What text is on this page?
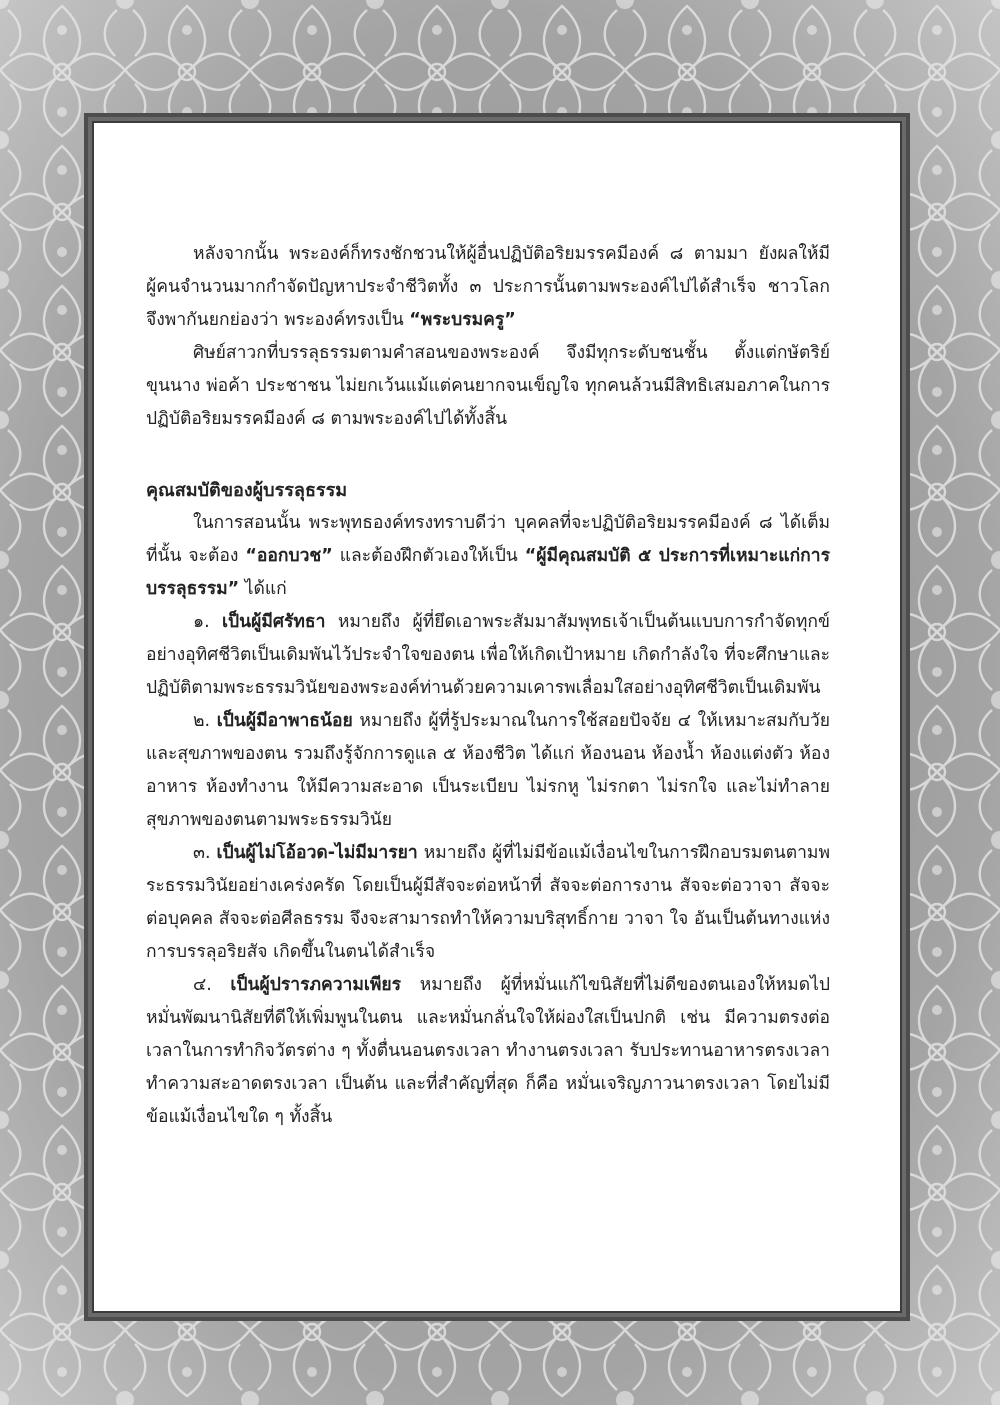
หลังจากนั้น พระองค์ก็ทรงชักชวนให้ผู้อื่นปฏิบัติอริยมรรคมีองค์ ๘ ตามมา ยังผลให้มีผู้คนจำนวนมากกำจัดปัญหาประจำชีวิตทั้ง ๓ ประการนั้นตามพระองค์ไปได้สำเร็จ ชาวโลกจึงพากันยกย่องว่า พระองค์ทรงเป็น “พระบรมครู”

ศิษย์สาวกที่บรรลุธรรมตามคำสอนของพระองค์ จึงมีทุกระดับชนชั้น ตั้งแต่กษัตริย์ ขุนนาง พ่อค้า ประชาชน ไม่ยกเว้นแม้แต่คนยากจนเข็ญใจ ทุกคนล้วนมีสิทธิเสมอภาคในการปฏิบัติอริยมรรคมีองค์ ๘ ตามพระองค์ไปได้ทั้งสิ้น

คุณสมบัติของผู้บรรลุธรรม

ในการสอนนั้น พระพุทธองค์ทรงทราบดีว่า บุคคลที่จะปฏิบัติอริยมรรคมีองค์ ๘ ได้เต็มที่นั้น จะต้อง “ออกบวช” และต้องฝึกตัวเองให้เป็น “ผู้มีคุณสมบัติ ๕ ประการที่เหมาะแก่การบรรลุธรรม” ได้แก่

๑. เป็นผู้มีศรัทธา หมายถึง ผู้ที่ยึดเอาพระสัมมาสัมพุทธเจ้าเป็นต้นแบบการกำจัดทุกข์อย่างอุทิศชีวิตเป็นเดิมพันไว้ประจำใจของตน เพื่อให้เกิดเป้าหมาย เกิดกำลังใจ ที่จะศึกษาและปฏิบัติตามพระธรรมวินัยของพระองค์ท่านด้วยความเคารพเลื่อมใสอย่างอุทิศชีวิตเป็นเดิมพัน

๒. เป็นผู้มีอาพาธน้อย หมายถึง ผู้ที่รู้ประมาณในการใช้สอยปัจจัย ๔ ให้เหมาะสมกับวัยและสุขภาพของตน รวมถึงรู้จักการดูแล ๕ ห้องชีวิต ได้แก่ ห้องนอน ห้องน้ำ ห้องแต่งตัว ห้องอาหาร ห้องทำงาน ให้มีความสะอาด เป็นระเบียบ ไม่รกหู ไม่รกตา ไม่รกใจ และไม่ทำลายสุขภาพของตนตามพระธรรมวินัย

๓. เป็นผู้ไม่โอ้อวด-ไม่มีมารยา หมายถึง ผู้ที่ไม่มีข้อแม้เงื่อนไขในการฝึกอบรมตนตามพระธรรมวินัยอย่างเคร่งครัด โดยเป็นผู้มีสัจจะต่อหน้าที่ สัจจะต่อการงาน สัจจะต่อวาจา สัจจะต่อบุคคล สัจจะต่อศีลธรรม จึงจะสามารถทำให้ความบริสุทธิ์กาย วาจา ใจ อันเป็นต้นทางแห่งการบรรลุอริยสัจ เกิดขึ้นในตนได้สำเร็จ

๔. เป็นผู้ปรารภความเพียร หมายถึง ผู้ที่หมั่นแก้ไขนิสัยที่ไม่ดีของตนเองให้หมดไป หมั่นพัฒนานิสัยที่ดีให้เพิ่มพูนในตน และหมั่นกลั่นใจให้ผ่องใสเป็นปกติ เช่น มีความตรงต่อเวลาในการทำกิจวัตรต่าง ๆ ทั้งตื่นนอนตรงเวลา ทำงานตรงเวลา รับประทานอาหารตรงเวลา ทำความสะอาดตรงเวลา เป็นต้น และที่สำคัญที่สุด ก็คือ หมั่นเจริญภาวนาตรงเวลา โดยไม่มีข้อแม้เงื่อนไขใด ๆ ทั้งสิ้น
